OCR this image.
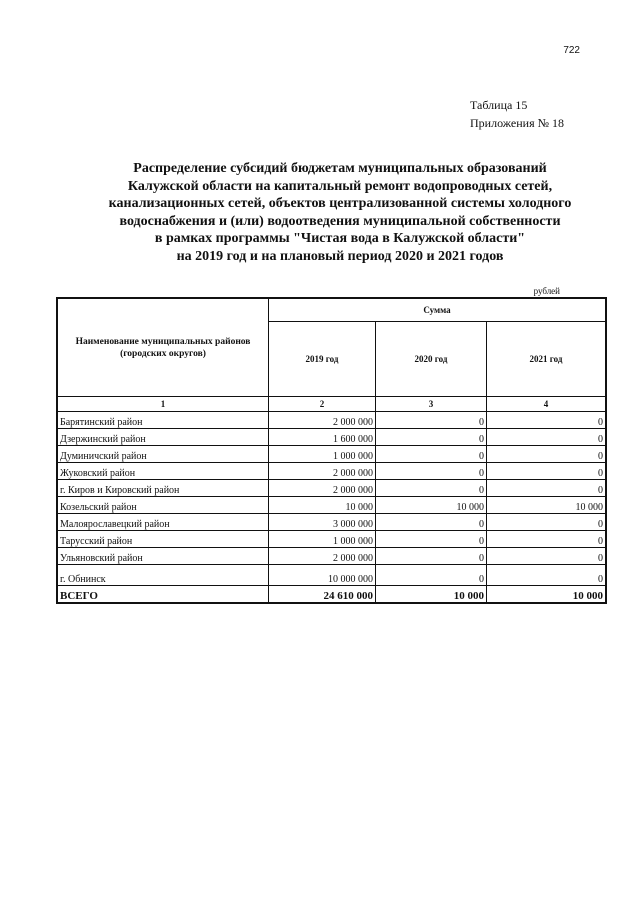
722
Таблица 15
Приложения № 18
Распределение субсидий бюджетам муниципальных образований
Калужской области на капитальный ремонт водопроводных сетей,
канализационных сетей, объектов централизованной системы холодного
водоснабжения и (или) водоотведения муниципальной собственности
в рамках программы "Чистая вода в Калужской области"
на 2019 год и на плановый период 2020 и 2021 годов
рублей
Наименование муниципальных районов (городских округов)	Сумма		
	2019 год	2020 год	2021 год
1	2	3	4
Барятинский район	2 000 000	0	0
Дзержинский район	1 600 000	0	0
Думиничский район	1 000 000	0	0
Жуковский район	2 000 000	0	0
г. Киров и Кировский район	2 000 000	0	0
Козельский район	10 000	10 000	10 000
Малоярославецкий район	3 000 000	0	0
Тарусский район	1 000 000	0	0
Ульяновский район	2 000 000	0	0
г. Обнинск	10 000 000	0	0
ВСЕГО	24 610 000	10 000	10 000
